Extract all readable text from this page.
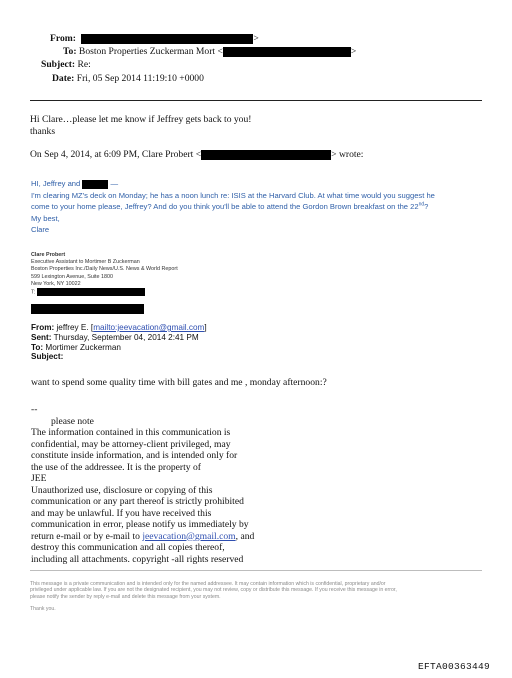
From:	>
To: Boston Properties Zuckerman Mort <	>
Subject: Re:
Date: Fri, 05 Sep 2014 11:19:10 +0000
Hi Clare…please let me know if Jeffrey gets back to you!
thanks
On Sep 4, 2014, at 6:09 PM, Clare Probert <	> wrote:
HI, Jeffrey and	—
I'm clearing MZ's deck on Monday; he has a noon lunch re: ISIS at the Harvard Club. At what time would you suggest he
come to your home please, Jeffrey? And do you think you'll be able to attend the Gordon Brown breakfast on the 22nd?
My best,
Clare
Clare Probert
Executive Assistant to Mortimer B Zuckerman
Boston Properties Inc./Daily News/U.S. News & World Report
599 Lexington Avenue, Suite 1800
New York, NY 10022
T:
From: jeffrey E. [mailto:jeevacation@gmail.com]
Sent: Thursday, September 04, 2014 2:41 PM
To: Mortimer Zuckerman
Subject:
want to spend some quality time with bill gates and me , monday afternoon:?
--
please note
The information contained in this communication is
confidential, may be attorney-client privileged, may
constitute inside information, and is intended only for
the use of the addressee. It is the property of
JEE
Unauthorized use, disclosure or copying of this
communication or any part thereof is strictly prohibited
and may be unlawful. If you have received this
communication in error, please notify us immediately by
return e-mail or by e-mail to jeevacation@gmail.com, and
destroy this communication and all copies thereof,
including all attachments. copyright -all rights reserved
This message is a private communication and is intended only for the named addressee. It may contain information which is confidential, proprietary and/or
privileged under applicable law. If you are not the designated recipient, you may not review, copy or distribute this message. If you receive this message in error,
please notify the sender by reply e-mail and delete this message from your system.
Thank you.
EFTA00363449
